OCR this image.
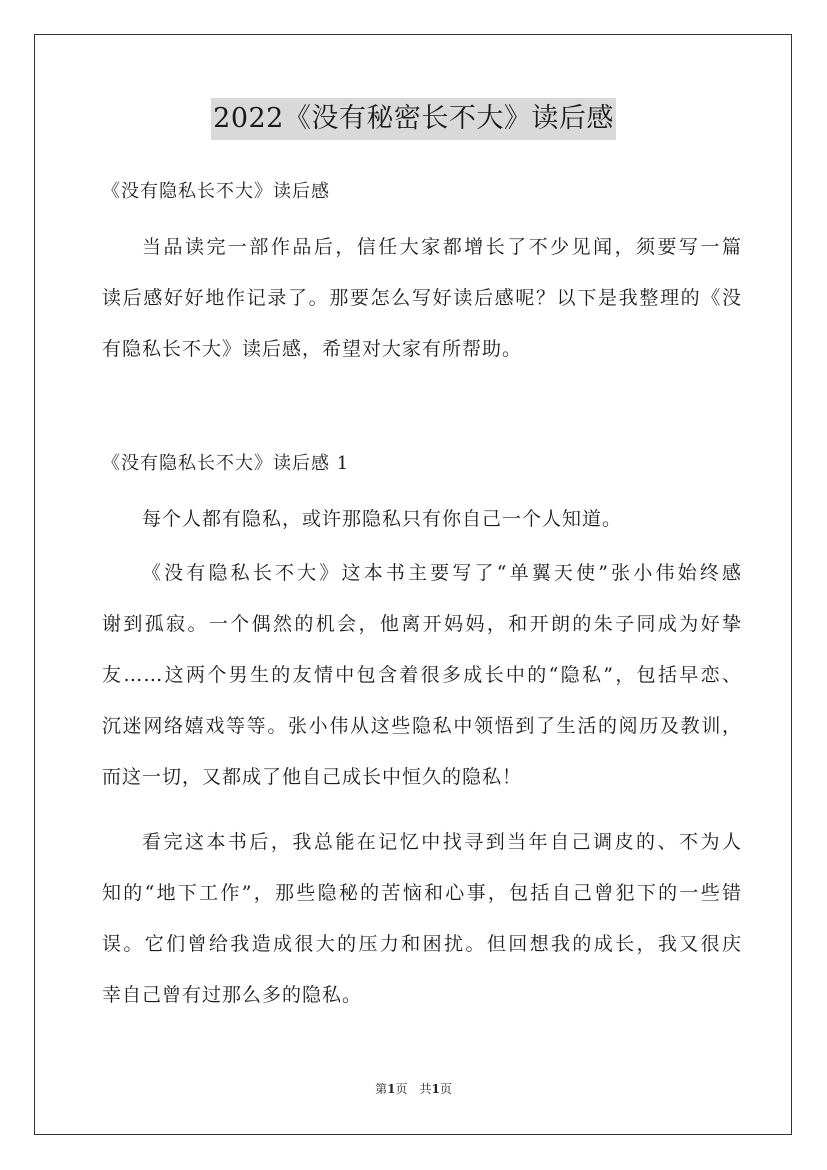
2022《没有秘密长不大》读后感
《没有隐私长不大》读后感
当品读完一部作品后，信任大家都增长了不少见闻，须要写一篇
读后感好好地作记录了。那要怎么写好读后感呢？以下是我整理的《没
有隐私长不大》读后感，希望对大家有所帮助。
《没有隐私长不大》读后感 1
每个人都有隐私，或许那隐私只有你自己一个人知道。
《没有隐私长不大》这本书主要写了“单翼天使”张小伟始终感
谢到孤寂。一个偶然的机会，他离开妈妈，和开朗的朱子同成为好挚
友……这两个男生的友情中包含着很多成长中的“隐私”，包括早恋、
沉迷网络嬉戏等等。张小伟从这些隐私中领悟到了生活的阅历及教训，
而这一切，又都成了他自己成长中恒久的隐私！
看完这本书后，我总能在记忆中找寻到当年自己调皮的、不为人
知的“地下工作”，那些隐秘的苦恼和心事，包括自己曾犯下的一些错
误。它们曾给我造成很大的压力和困扰。但回想我的成长，我又很庆
幸自己曾有过那么多的隐私。
第1页　共1页
